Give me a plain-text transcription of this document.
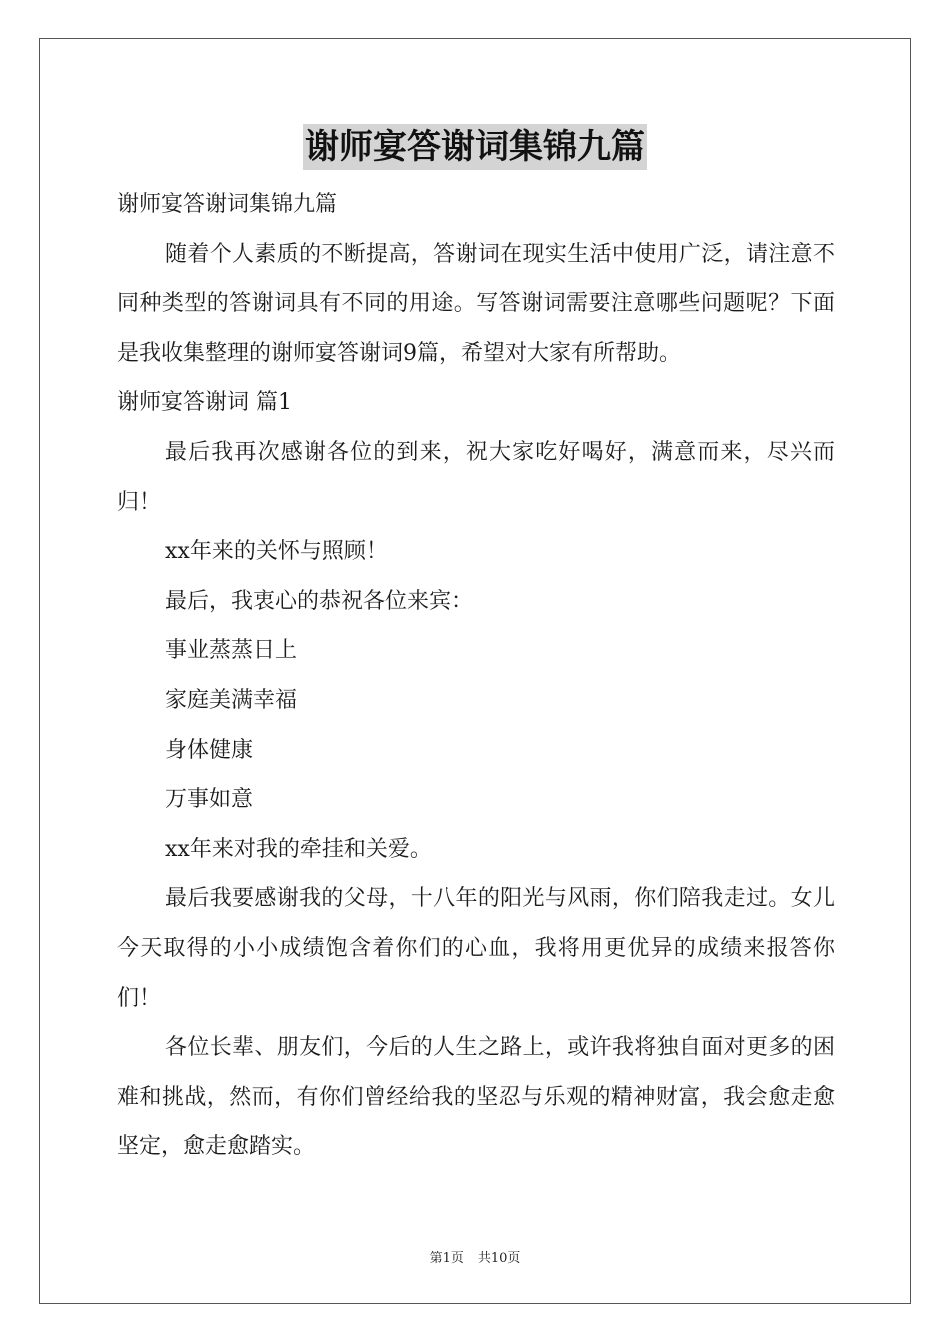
谢师宴答谢词集锦九篇

谢师宴答谢词集锦九篇

随着个人素质的不断提高，答谢词在现实生活中使用广泛，请注意不同种类型的答谢词具有不同的用途。写答谢词需要注意哪些问题呢？下面是我收集整理的谢师宴答谢词9篇，希望对大家有所帮助。

谢师宴答谢词 篇1

最后我再次感谢各位的到来，祝大家吃好喝好，满意而来，尽兴而归！

xx年来的关怀与照顾！

最后，我衷心的恭祝各位来宾：

事业蒸蒸日上

家庭美满幸福

身体健康

万事如意

xx年来对我的牵挂和关爱。

最后我要感谢我的父母，十八年的阳光与风雨，你们陪我走过。女儿今天取得的小小成绩饱含着你们的心血，我将用更优异的成绩来报答你们！

各位长辈、朋友们，今后的人生之路上，或许我将独自面对更多的困难和挑战，然而，有你们曾经给我的坚忍与乐观的精神财富，我会愈走愈坚定，愈走愈踏实。

第1页 共10页
